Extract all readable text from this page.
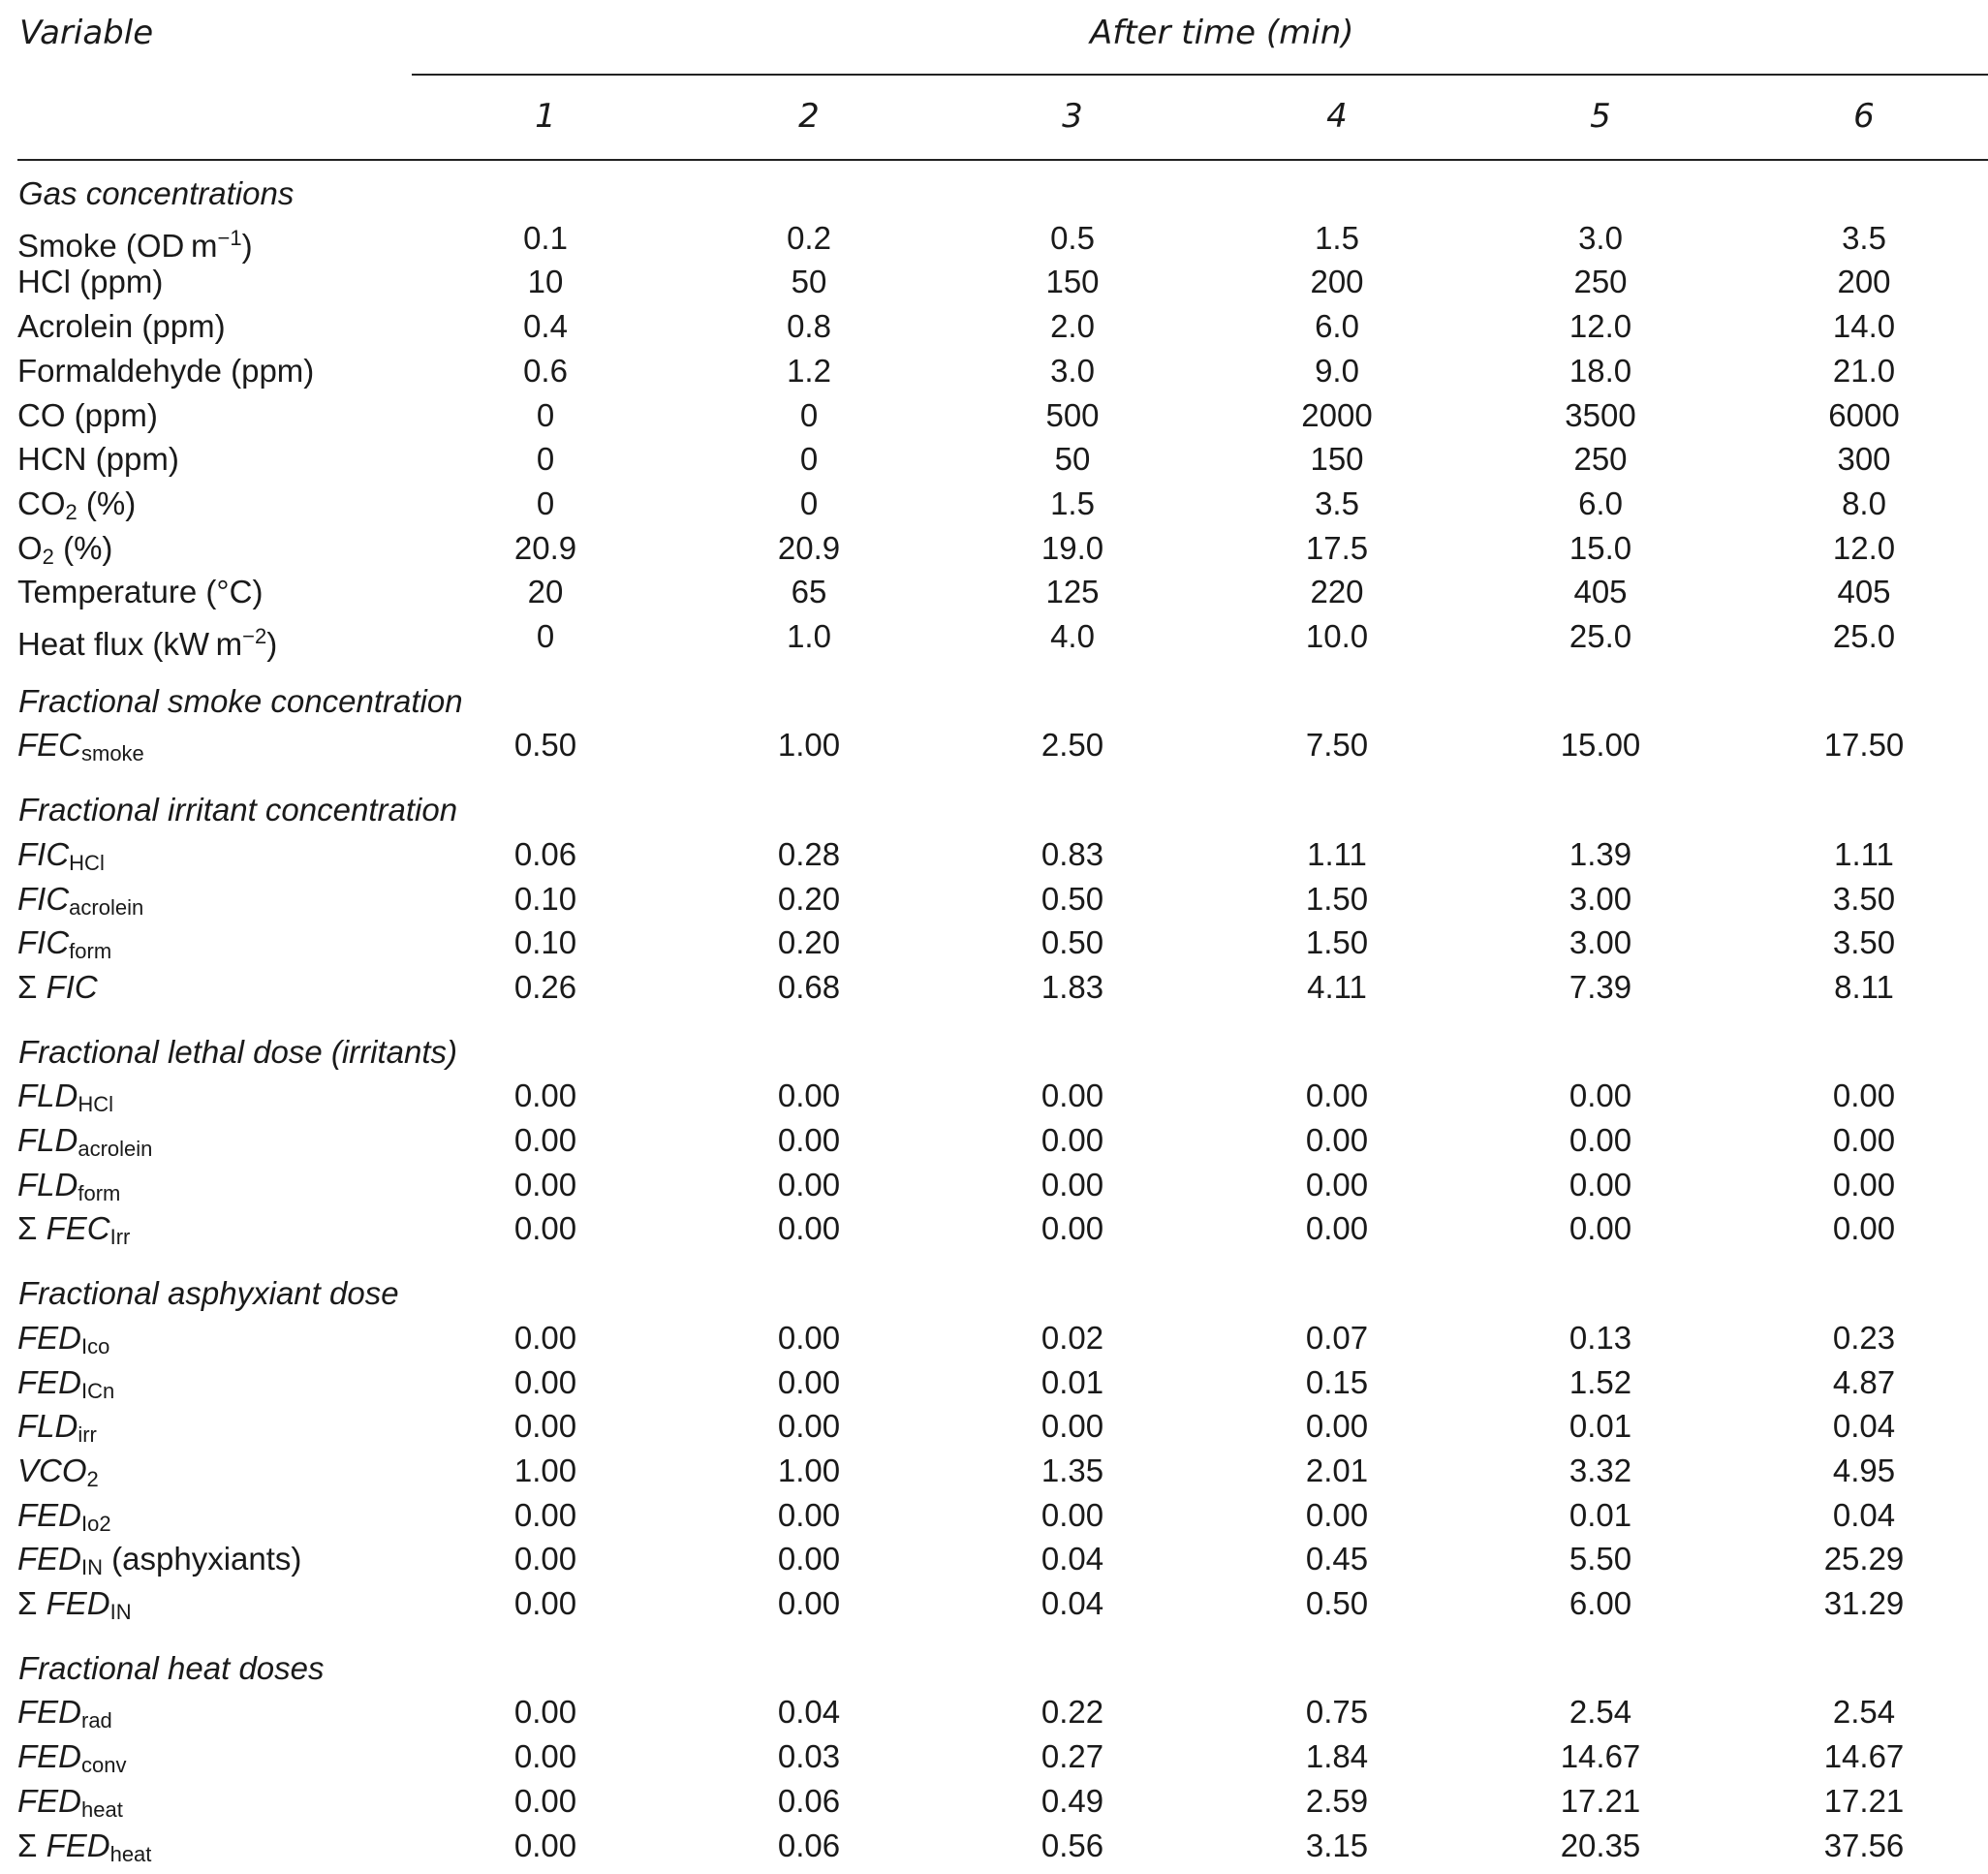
Variable	After time (min)
1	2	3	4	5	6
Gas concentrations
Smoke (OD $m^{-1}$)	0.1	0.2	0.5	1.5	3.0	3.5
HCl (ppm)	10	50	150	200	250	200
Acrolein (ppm)	0.4	0.8	2.0	6.0	12.0	14.0
Formaldehyde (ppm)	0.6	1.2	3.0	9.0	18.0	21.0
CO (ppm)	0	0	500	2000	3500	6000
HCN (ppm)	0	0	50	150	250	300
$CO_2$ (%)	0	0	1.5	3.5	6.0	8.0
$O_2$ (%)	20.9	20.9	19.0	17.5	15.0	12.0
Temperature (°C)	20	65	125	220	405	405
Heat flux (kW $m^{-2}$)	0	1.0	4.0	10.0	25.0	25.0
Fractional smoke concentration
$FEC_{smoke}$	0.50	1.00	2.50	7.50	15.00	17.50
Fractional irritant concentration
$FIC_{HCl}$	0.06	0.28	0.83	1.11	1.39	1.11
$FIC_{acrolein}$	0.10	0.20	0.50	1.50	3.00	3.50
$FIC_{form}$	0.10	0.20	0.50	1.50	3.00	3.50
Σ FIC	0.26	0.68	1.83	4.11	7.39	8.11
Fractional lethal dose (irritants)
$FLD_{HCl}$	0.00	0.00	0.00	0.00	0.00	0.00
$FLD_{acrolein}$	0.00	0.00	0.00	0.00	0.00	0.00
$FLD_{form}$	0.00	0.00	0.00	0.00	0.00	0.00
Σ $FEC_{Irr}$	0.00	0.00	0.00	0.00	0.00	0.00
Fractional asphyxiant dose
$FED_{Ico}$	0.00	0.00	0.02	0.07	0.13	0.23
$FED_{ICn}$	0.00	0.00	0.01	0.15	1.52	4.87
$FLD_{irr}$	0.00	0.00	0.00	0.00	0.01	0.04
$VCO_2$	1.00	1.00	1.35	2.01	3.32	4.95
$FED_{Io2}$	0.00	0.00	0.00	0.00	0.01	0.04
$FED_{IN}$ (asphyxiants)	0.00	0.00	0.04	0.45	5.50	25.29
Σ $FED_{IN}$	0.00	0.00	0.04	0.50	6.00	31.29
Fractional heat doses
$FED_{rad}$	0.00	0.04	0.22	0.75	2.54	2.54
$FED_{conv}$	0.00	0.03	0.27	1.84	14.67	14.67
$FED_{heat}$	0.00	0.06	0.49	2.59	17.21	17.21
Σ $FED_{heat}$	0.00	0.06	0.56	3.15	20.35	37.56
